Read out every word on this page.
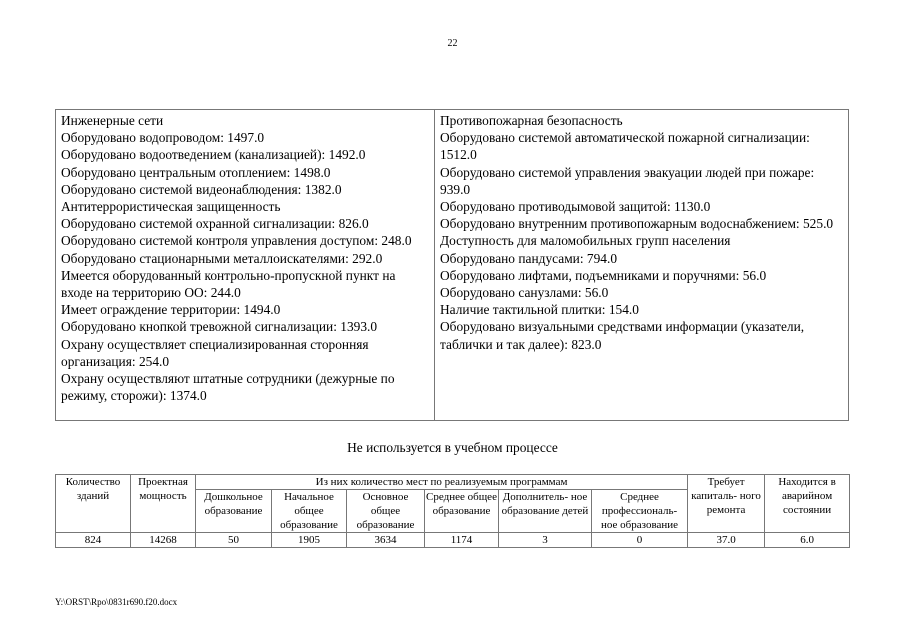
22
Инженерные сети
Оборудовано водопроводом: 1497.0
Оборудовано водоотведением (канализацией): 1492.0
Оборудовано центральным отоплением: 1498.0
Оборудовано системой видеонаблюдения: 1382.0
Антитеррористическая защищенность
Оборудовано системой охранной сигнализации: 826.0
Оборудовано системой контроля управления доступом: 248.0
Оборудовано стационарными металлоискателями: 292.0
Имеется оборудованный контрольно-пропускной пункт на входе на территорию ОО: 244.0
Имеет ограждение территории: 1494.0
Оборудовано кнопкой тревожной сигнализации: 1393.0
Охрану осуществляет специализированная сторонняя организация: 254.0
Охрану осуществляют штатные сотрудники (дежурные по режиму, сторожи): 1374.0

Противопожарная безопасность
Оборудовано системой автоматической пожарной сигнализации: 1512.0
Оборудовано системой управления эвакуации людей при пожаре: 939.0
Оборудовано противодымовой защитой: 1130.0
Оборудовано внутренним противопожарным водоснабжением: 525.0
Доступность для маломобильных групп населения
Оборудовано пандусами: 794.0
Оборудовано лифтами, подъемниками и поручнями: 56.0
Оборудовано санузлами: 56.0
Наличие тактильной плитки: 154.0
Оборудовано визуальными средствами информации (указатели, таблички и так далее): 823.0
Не используется в учебном процессе
Количество зданий	Проектная мощность	Из них количество мест по реализуемым программам						Требует капиталь- ного ремонта	Находится в аварийном состоянии
		Дошкольное образование	Начальное общее образование	Основное общее образование	Среднее общее образование	Дополнитель- ное образование детей	Среднее профессиональ- ное образование		
824	14268	50	1905	3634	1174	3	0	37.0	6.0
Y:\ORST\Rpo\0831r690.f20.docx
